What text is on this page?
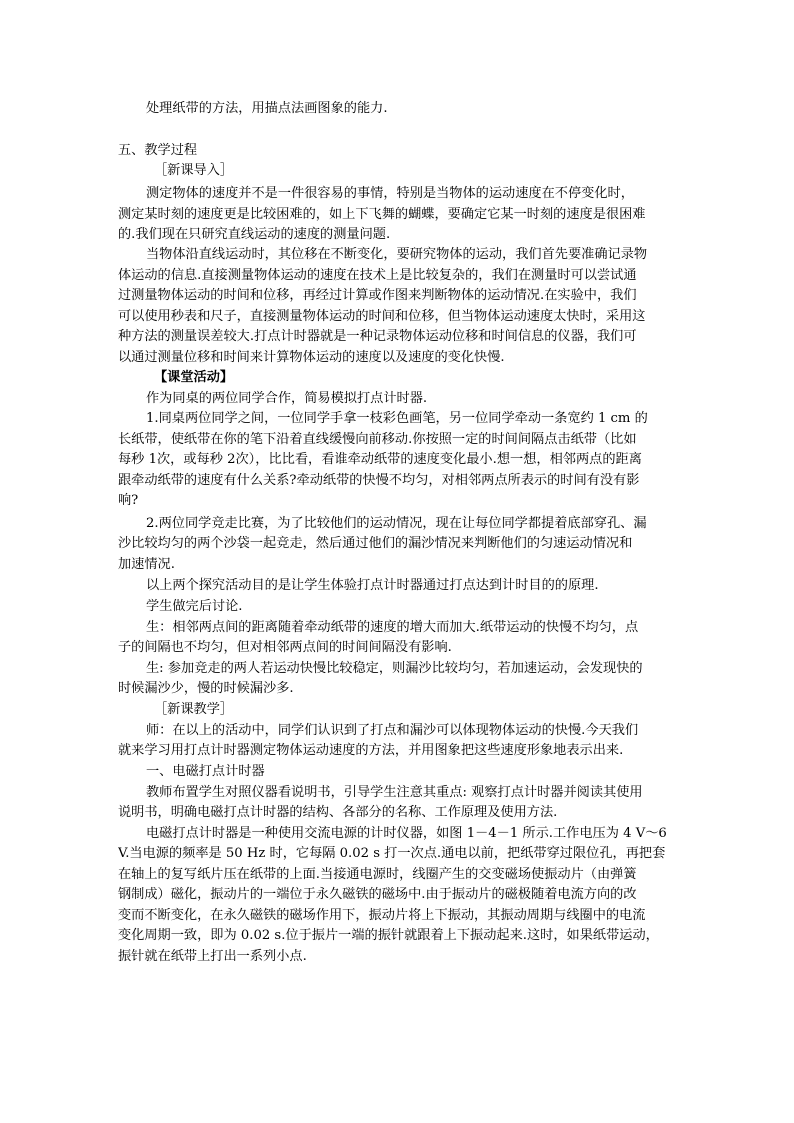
处理纸带的方法，用描点法画图象的能力.
五、教学过程
［新课导入］
测定物体的速度并不是一件很容易的事情，特别是当物体的运动速度在不停变化时，
测定某时刻的速度更是比较困难的，如上下飞舞的蝴蝶，要确定它某一时刻的速度是很困难
的.我们现在只研究直线运动的速度的测量问题.
当物体沿直线运动时，其位移在不断变化，要研究物体的运动，我们首先要准确记录物
体运动的信息.直接测量物体运动的速度在技术上是比较复杂的，我们在测量时可以尝试通
过测量物体运动的时间和位移，再经过计算或作图来判断物体的运动情况.在实验中，我们
可以使用秒表和尺子，直接测量物体运动的时间和位移，但当物体运动速度太快时，采用这
种方法的测量误差较大.打点计时器就是一种记录物体运动位移和时间信息的仪器，我们可
以通过测量位移和时间来计算物体运动的速度以及速度的变化快慢.
【课堂活动】
作为同桌的两位同学合作，简易模拟打点计时器.
1.同桌两位同学之间，一位同学手拿一枝彩色画笔，另一位同学牵动一条宽约 1 cm 的
长纸带，使纸带在你的笔下沿着直线缓慢向前移动.你按照一定的时间间隔点击纸带（比如
每秒 1次，或每秒 2次），比比看，看谁牵动纸带的速度变化最小.想一想，相邻两点的距离
跟牵动纸带的速度有什么关系?牵动纸带的快慢不均匀，对相邻两点所表示的时间有没有影
响?
2.两位同学竞走比赛，为了比较他们的运动情况，现在让每位同学都提着底部穿孔、漏
沙比较均匀的两个沙袋一起竞走，然后通过他们的漏沙情况来判断他们的匀速运动情况和
加速情况.
以上两个探究活动目的是让学生体验打点计时器通过打点达到计时目的的原理.
学生做完后讨论.
生：相邻两点间的距离随着牵动纸带的速度的增大而加大.纸带运动的快慢不均匀，点
子的间隔也不均匀，但对相邻两点间的时间间隔没有影响.
生: 参加竞走的两人若运动快慢比较稳定，则漏沙比较均匀，若加速运动，会发现快的
时候漏沙少，慢的时候漏沙多.
［新课教学］
师：在以上的活动中，同学们认识到了打点和漏沙可以体现物体运动的快慢.今天我们
就来学习用打点计时器测定物体运动速度的方法，并用图象把这些速度形象地表示出来.
一、电磁打点计时器
教师布置学生对照仪器看说明书，引导学生注意其重点: 观察打点计时器并阅读其使用
说明书，明确电磁打点计时器的结构、各部分的名称、工作原理及使用方法.
电磁打点计时器是一种使用交流电源的计时仪器，如图 1－4－1 所示.工作电压为 4 V～6
V.当电源的频率是 50 Hz 时，它每隔 0.02 s 打一次点.通电以前，把纸带穿过限位孔，再把套
在轴上的复写纸片压在纸带的上面.当接通电源时，线圈产生的交变磁场使振动片（由弹簧
钢制成）磁化，振动片的一端位于永久磁铁的磁场中.由于振动片的磁极随着电流方向的改
变而不断变化，在永久磁铁的磁场作用下，振动片将上下振动，其振动周期与线圈中的电流
变化周期一致，即为 0.02 s.位于振片一端的振针就跟着上下振动起来.这时，如果纸带运动，
振针就在纸带上打出一系列小点.
